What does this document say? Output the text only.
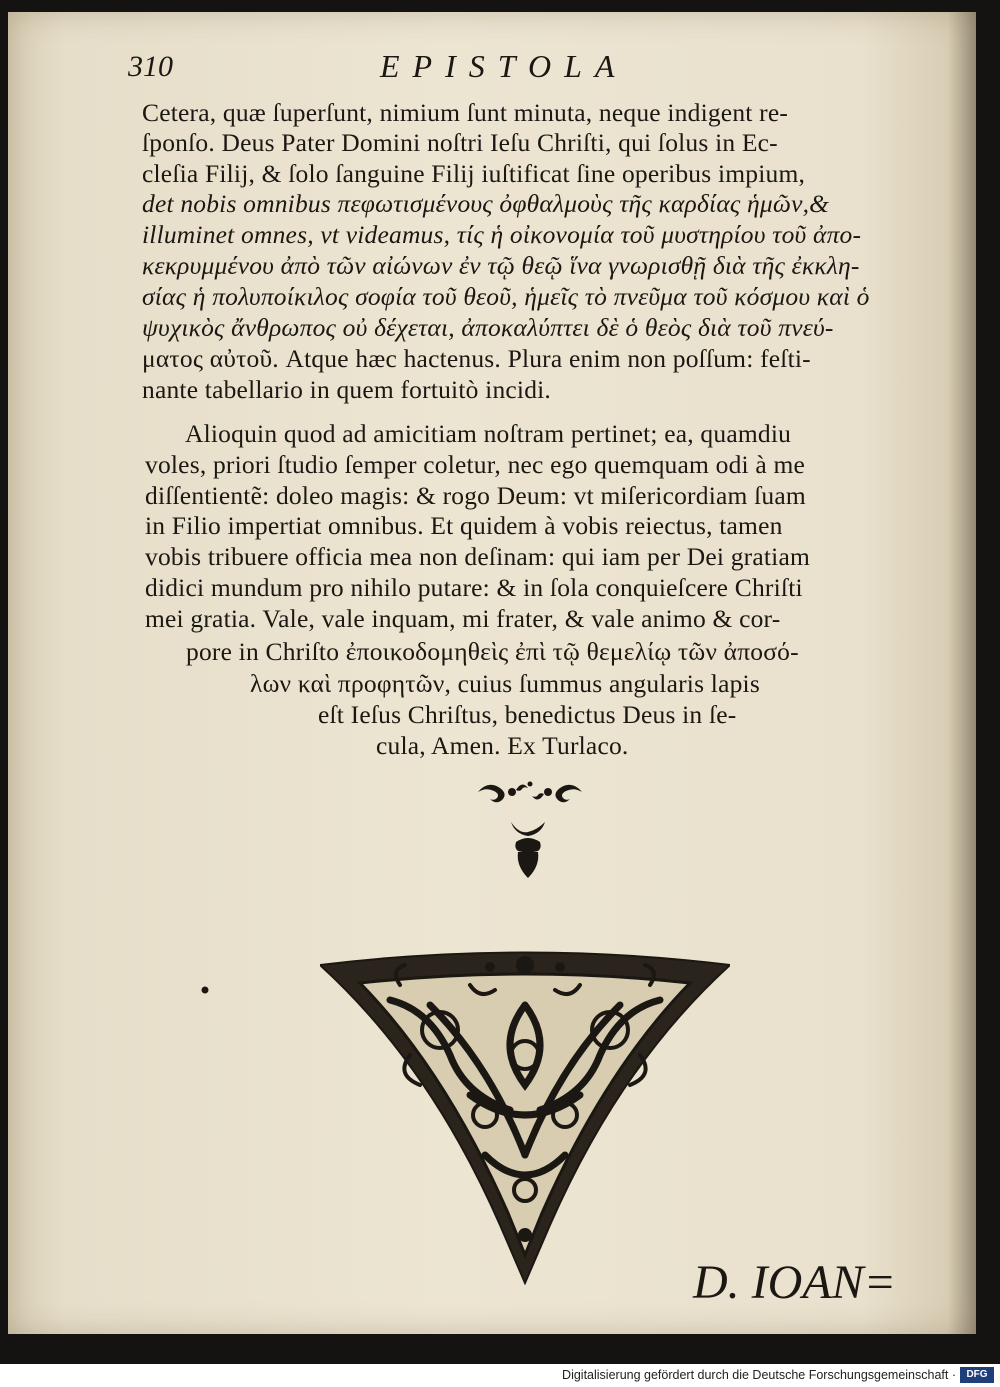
310	EPISTOLA
Cetera, quæ ſuperſunt, nimium ſunt minuta, neque indigent re-
ſponſo. Deus Pater Domini noſtri Ieſu Chriſti, qui ſolus in Ec-
cleſia Filij, & ſolo ſanguine Filij iuſtificat ſine operibus impium,
det nobis omnibus πεφωτισμένους ὀφθαλμοὺς τῆς καρδίας ἡμῶν,&
illuminet omnes, vt videamus, τίς ἡ οἰκονομία τοῦ μυστηρίου τοῦ ἀπο-
κεκρυμμένου ἀπὸ τῶν αἰώνων ἐν τῷ θεῷ ἵνα γνωρισθῇ διὰ τῆς ἐκκλη-
σίας ἡ πολυποίκιλος σοφία τοῦ θεοῦ, ἡμεῖς τὸ πνεῦμα τοῦ κόσμου καὶ ὁ
ψυχικὸς ἄνθρωπος οὐ δέχεται, ἀποκαλύπτει δὲ ὁ θεὸς διὰ τοῦ πνεύ-
ματος αὐτοῦ. Atque hæc hactenus. Plura enim non poſſum: feſti-
nante tabellario in quem fortuitò incidi.
Alioquin quod ad amicitiam noſtram pertinet; ea, quamdiu
voles, priori ſtudio ſemper coletur, nec ego quemquam odi à me
diſſentientẽ: doleo magis: & rogo Deum: vt miſericordiam ſuam
in Filio impertiat omnibus. Et quidem à vobis reiectus, tamen
vobis tribuere officia mea non deſinam: qui iam per Dei gratiam
didici mundum pro nihilo putare: & in ſola conquieſcere Chriſti
mei gratia. Vale, vale inquam, mi frater, & vale animo & cor-
pore in Chriſto ἐποικοδομηθεὶς ἐπὶ τῷ θεμελίῳ τῶν ἀποσό-
λων καὶ προφητῶν, cuius ſummus angularis lapis
eſt Ieſus Chriſtus, benedictus Deus in ſe-
cula, Amen. Ex Turlaco.
D. IOAN=
Digitalisierung gefördert durch die Deutsche Forschungsgemeinschaft ·	DFG
